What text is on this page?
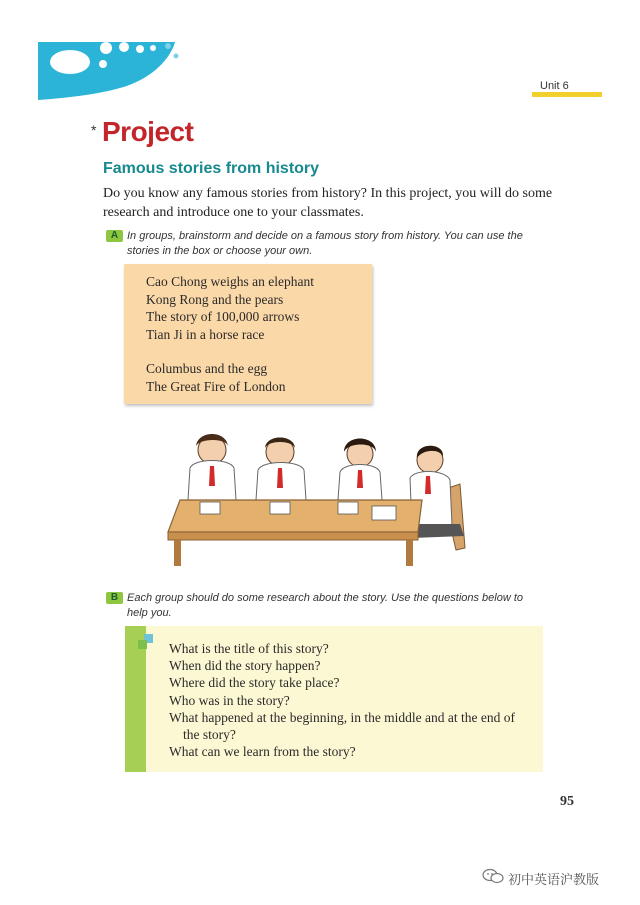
Unit 6
* Project
Famous stories from history
Do you know any famous stories from history? In this project, you will do some research and introduce one to your classmates.
A In groups, brainstorm and decide on a famous story from history. You can use the stories in the box or choose your own.
Cao Chong weighs an elephant
Kong Rong and the pears
The story of 100,000 arrows
Tian Ji in a horse race
Columbus and the egg
The Great Fire of London
B Each group should do some research about the story. Use the questions below to help you.
What is the title of this story?
When did the story happen?
Where did the story take place?
Who was in the story?
What happened at the beginning, in the middle and at the end of
the story?
What can we learn from the story?
95
初中英语沪教版
